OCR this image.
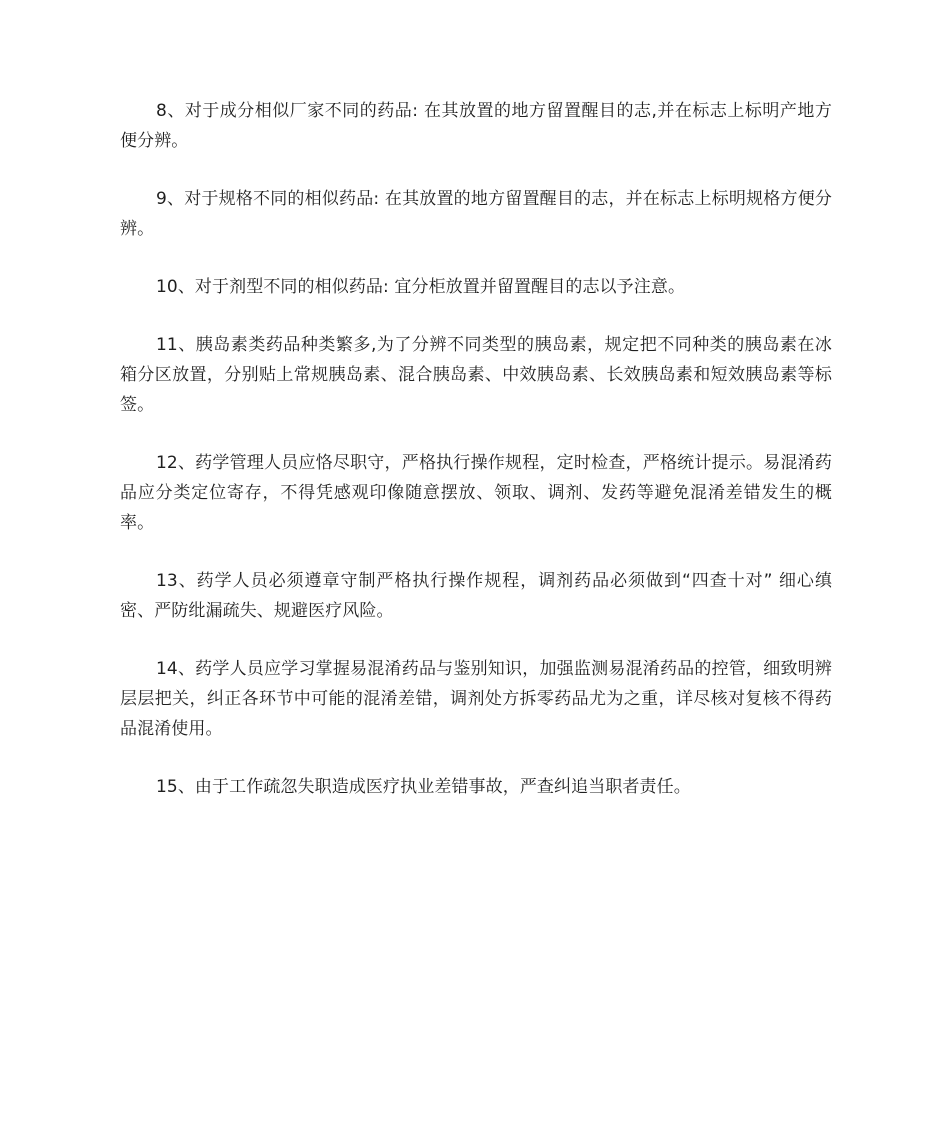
8、对于成分相似厂家不同的药品: 在其放置的地方留置醒目的志,并在标志上标明产地方便分辨。

9、对于规格不同的相似药品: 在其放置的地方留置醒目的志，并在标志上标明规格方便分辨。

10、对于剂型不同的相似药品: 宜分柜放置并留置醒目的志以予注意。

11、胰岛素类药品种类繁多,为了分辨不同类型的胰岛素，规定把不同种类的胰岛素在冰箱分区放置，分别贴上常规胰岛素、混合胰岛素、中效胰岛素、长效胰岛素和短效胰岛素等标签。

12、药学管理人员应恪尽职守，严格执行操作规程，定时检查，严格统计提示。易混淆药品应分类定位寄存，不得凭感观印像随意摆放、领取、调剂、发药等避免混淆差错发生的概率。

13、药学人员必须遵章守制严格执行操作规程，调剂药品必须做到“四查十对” 细心缜密、严防纰漏疏失、规避医疗风险。

14、药学人员应学习掌握易混淆药品与鉴别知识，加强监测易混淆药品的控管，细致明辨层层把关，纠正各环节中可能的混淆差错，调剂处方拆零药品尤为之重，详尽核对复核不得药品混淆使用。

15、由于工作疏忽失职造成医疗执业差错事故，严查纠追当职者责任。
